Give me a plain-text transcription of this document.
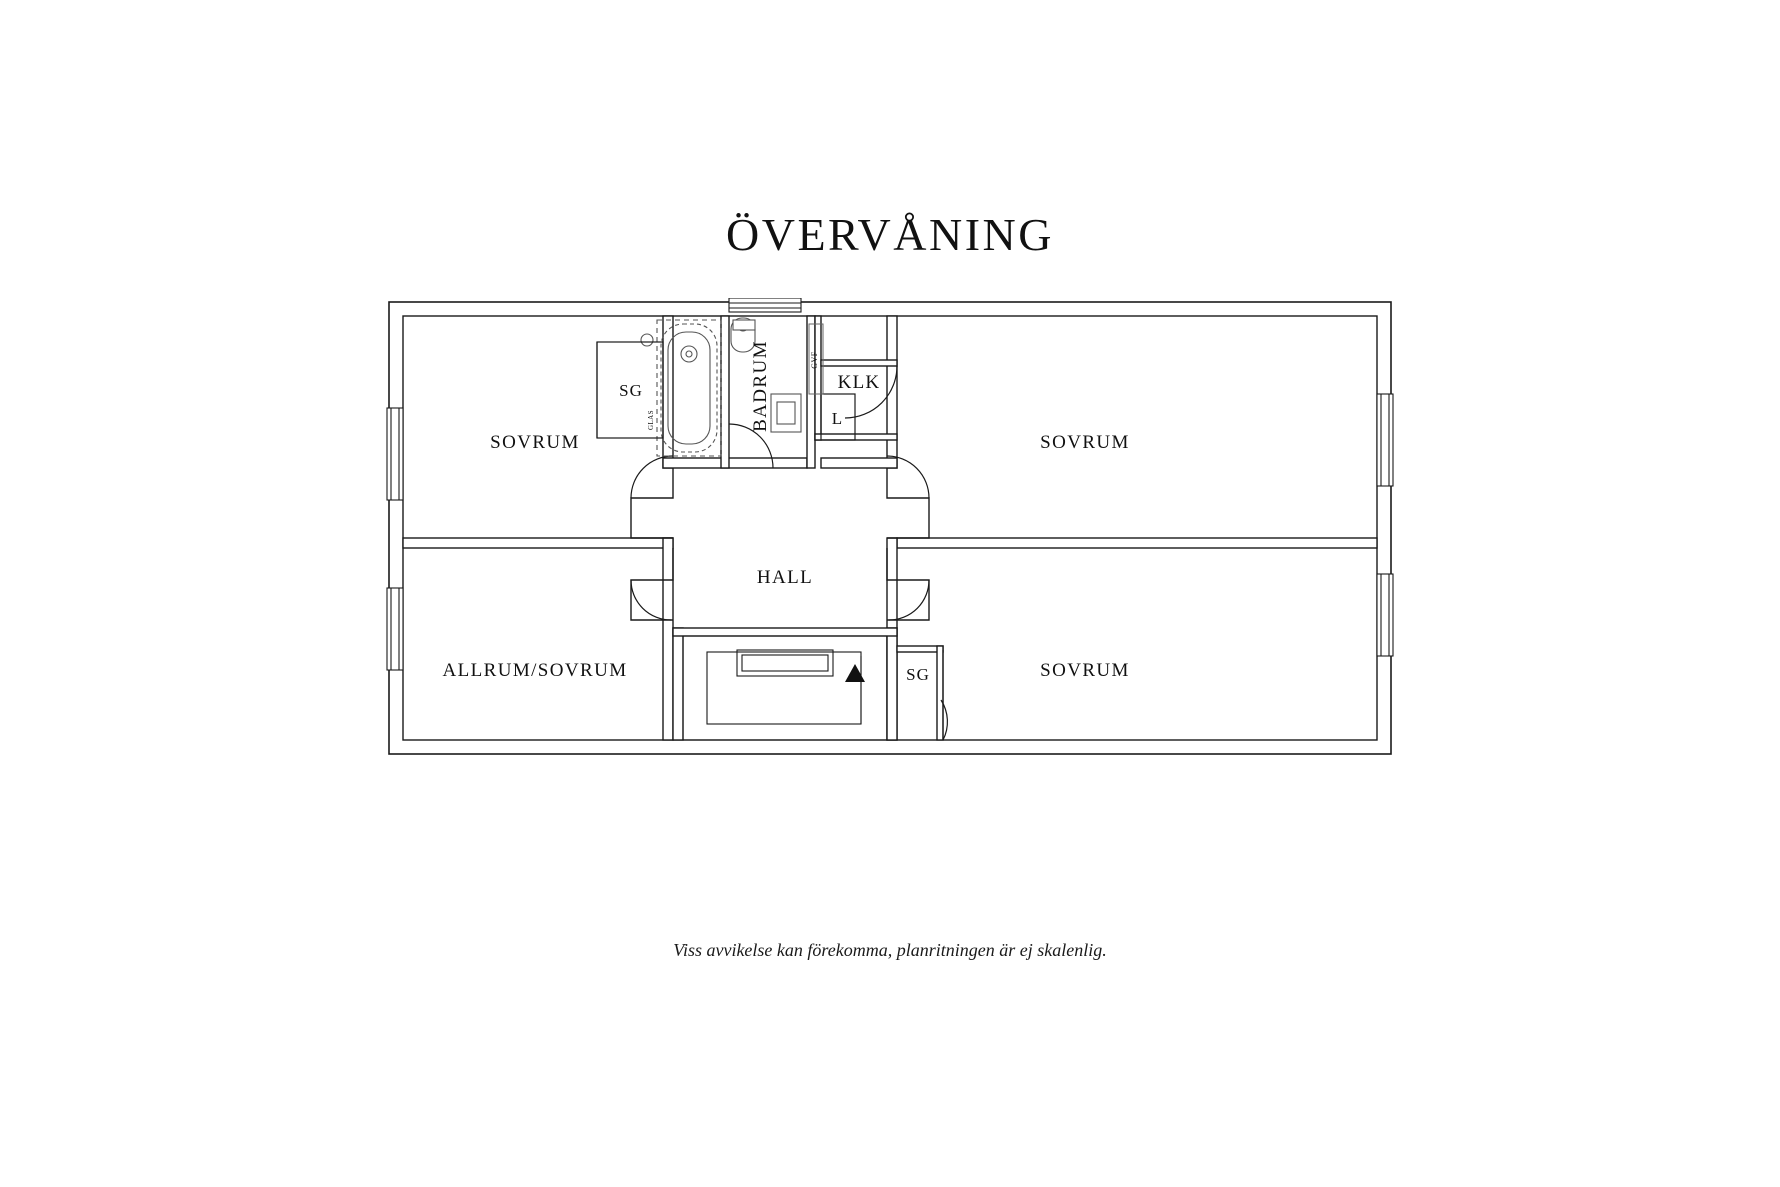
ÖVERVÅNING
SOVRUM	SOVRUM
SOVRUM
ALLRUM/SOVRUM
HALL
BADRUM	KLK
SG
SG
L
GVF
GLAS
Viss avvikelse kan förekomma, planritningen är ej skalenlig.
